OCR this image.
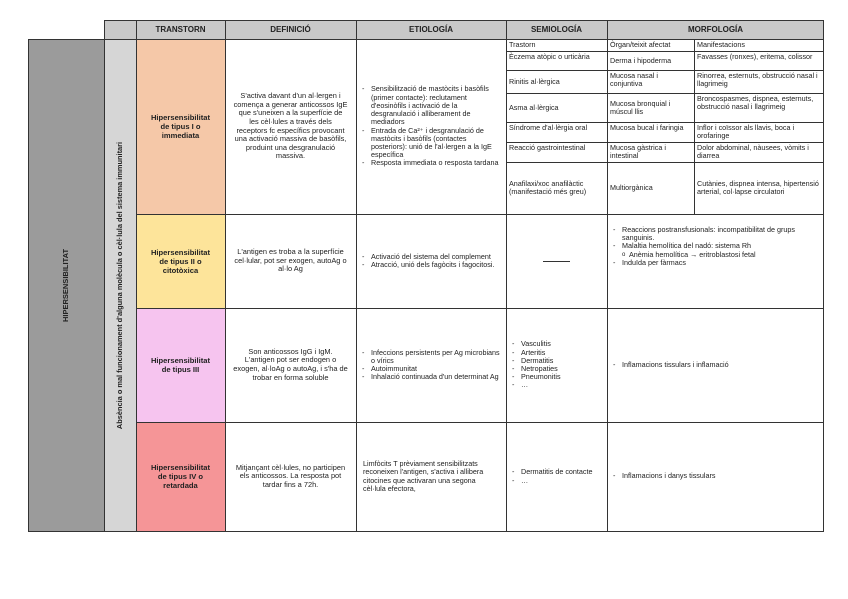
TRANSTORN	DEFINICIÓ	ETIOLOGÍA	SEMIOLOGÍA	MORFOLOGÍA
HIPERSENSIBILITAT	Absència o mal funcionament d'alguna molècula o cèl·lula del sistema immunitari
Hipersensibilitat
de tipus I o
immediata
S'activa davant d'un al·lergen i comença a generar anticossos IgE que s'uneixen a la superfície de les cèl·lules a través dels receptors fc específics provocant una activació massiva de basòfils, produint una desgranulació massiva.
- Sensibilització de mastòcits i basòfils (primer contacte): reclutament d'eosinòfils i activació de la desgranulació i alliberament de mediadors
- Entrada de Ca²⁺ i desgranulació de mastòcits i basòfils (contactes posteriors): unió de l'al·lergen a la IgE específica
- Resposta immediata o resposta tardana
Trastorn	Òrgan/teixit afectat	Manifestacions
Èczema atòpic o urticària	Derma i hipoderma	Favasses (ronxes), eritema, colissor
Rinitis al·lèrgica
Mucosa nasal i conjuntiva
Rinorrea, esternuts, obstrucció nasal i llagrimeig
Asma al·lèrgica	Mucosa bronquial i múscul llis
Broncospasmes, dispnea, esternuts, obstrucció nasal i llagrimeig
Síndrome d'al·lèrgia oral	Mucosa bucal i faringia	Inflor i coïssor als llavis, boca i orofaringe
Reacció gastrointestinal	Mucosa gàstrica i intestinal
Dolor abdominal, nàusees, vòmits i diarrea
Anafilaxi/xoc anafilàctic (manifestació més greu)	Multiorgànica	Cutànies, dispnea intensa, hipertensió arterial, col·lapse circulatori
Hipersensibilitat
de tipus II o
citotòxica
L'antigen es troba a la superfície cel·lular, pot ser exogen, autoAg o al·lo Ag
- Activació del sistema del complement
- Atracció, unió dels fagòcits i fagocitosi.	———
- Reaccions postransfusionals: incompatibilitat de grups sanguinis.
- Malaltia hemolítica del nadó: sistema Rh
o Anèmia hemolítica → eritroblastosi fetal
- Induïda per fàrmacs
Hipersensibilitat
de tipus III
Son anticossos IgG i IgM. L'antigen pot ser endogen o exogen, al·loAg o autoAg, i s'ha de trobar en forma soluble
- Infeccions persistents per Ag microbians o vírics
- Autoimmunitat
- Inhalació continuada d'un determinat Ag
- Vasculitis
- Arteritis
- Dermatitis
- Netropaties
- Pneumonitis
- …
- Inflamacions tissulars i inflamació
Hipersensibilitat
de tipus IV o
retardada
Mitjançant cèl·lules, no participen els anticossos. La resposta pot tardar fins a 72h.

Limfòcits T prèviament sensibilitzats reconeixen l'antigen, s'activa i allibera citocines que activaran una segona cèl·lula efectora,

- Dermatitis de contacte
- …
-	Inflamacions i danys tissulars
